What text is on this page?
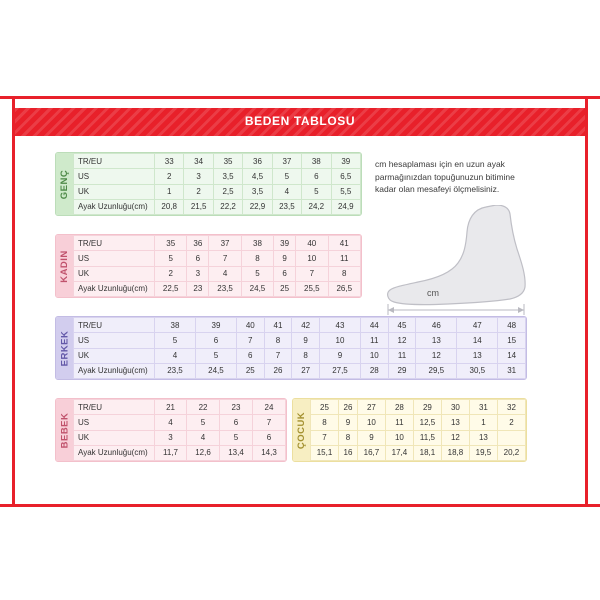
BEDEN TABLOSU
GENÇ
TR/EU	33	34	35	36	37	38	39
US	2	3	3,5	4,5	5	6	6,5
UK	1	2	2,5	3,5	4	5	5,5
Ayak Uzunluğu(cm)	20,8	21,5	22,2	22,9	23,5	24,2	24,9
KADIN
TR/EU	35	36	37	38	39	40	41
US	5	6	7	8	9	10	11
UK	2	3	4	5	6	7	8
Ayak Uzunluğu(cm)	22,5	23	23,5	24,5	25	25,5	26,5
ERKEK
TR/EU	38	39	40	41	42	43	44	45	46	47	48
US	5	6	7	8	9	10	11	12	13	14	15
UK	4	5	6	7	8	9	10	11	12	13	14
Ayak Uzunluğu(cm)	23,5	24,5	25	26	27	27,5	28	29	29,5	30,5	31
BEBEK
TR/EU	21	22	23	24
US	4	5	6	7
UK	3	4	5	6
Ayak Uzunluğu(cm)	11,7	12,6	13,4	14,3
ÇOCUK
25	26	27	28	29	30	31	32
8	9	10	11	12,5	13	1	2
7	8	9	10	11,5	12	13	
15,1	16	16,7	17,4	18,1	18,8	19,5	20,2
cm hesaplaması için en uzun ayak parmağınızdan topuğunuzun bitimine kadar olan mesafeyi ölçmelisiniz.
cm
